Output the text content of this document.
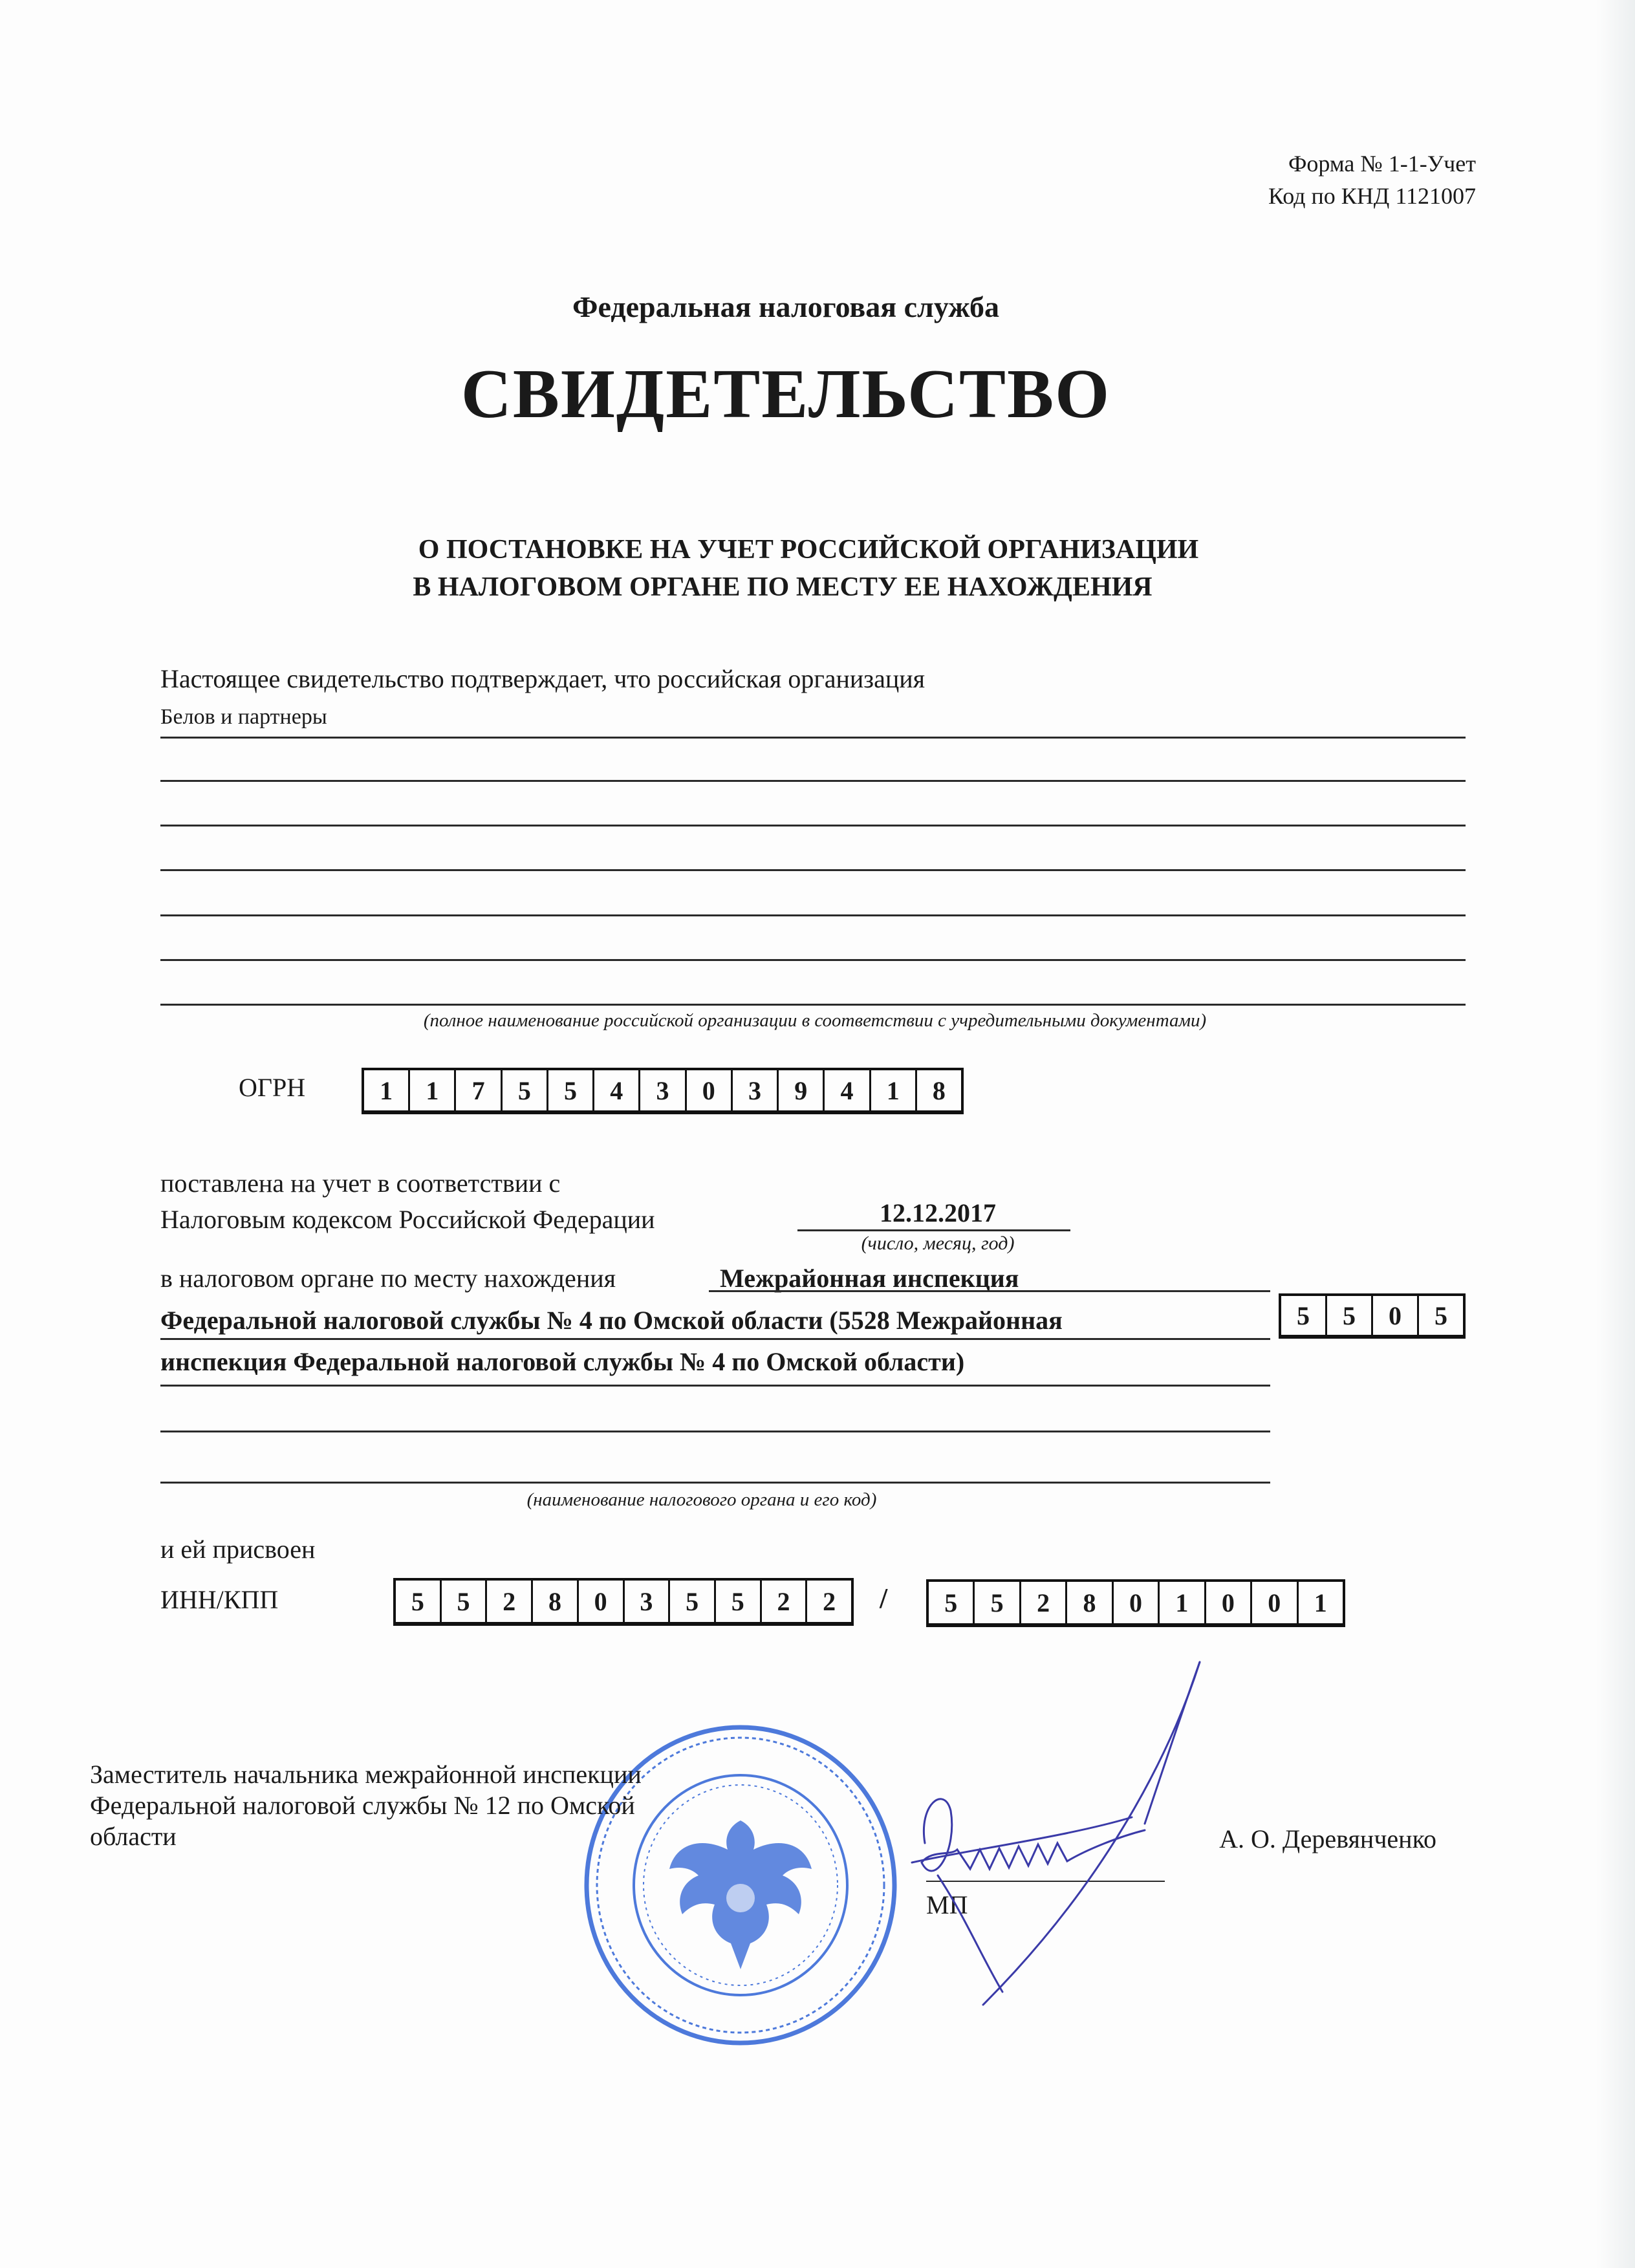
Форма № 1-1-Учет
Код по КНД 1121007
Федеральная налоговая служба
СВИДЕТЕЛЬСТВО
О ПОСТАНОВКЕ НА УЧЕТ РОССИЙСКОЙ ОРГАНИЗАЦИИ
В НАЛОГОВОМ ОРГАНЕ ПО МЕСТУ ЕЕ НАХОЖДЕНИЯ
Настоящее свидетельство подтверждает, что российская организация
Белов и партнеры
(полное наименование российской организации в соответствии с учредительными документами)
ОГРН	1	1	7	5	5	4	3	0	3	9	4	1	8
поставлена на учет в соответствии с
Налоговым кодексом Российской Федерации	12.12.2017
(число, месяц, год)
в налоговом органе по месту нахождения	Межрайонная инспекция
Федеральной налоговой службы № 4 по Омской области (5528 Межрайонная	5	5	0	5
инспекция Федеральной налоговой службы № 4 по Омской области)
(наименование налогового органа и его код)
и ей присвоен
ИНН/КПП	5	5	2	8	0	3	5	5	2	2	/	5	5	2	8	0	1	0	0	1
Заместитель начальника межрайонной инспекции
Федеральной налоговой службы № 12 по Омской
области
МП
А. О. Деревянченко
